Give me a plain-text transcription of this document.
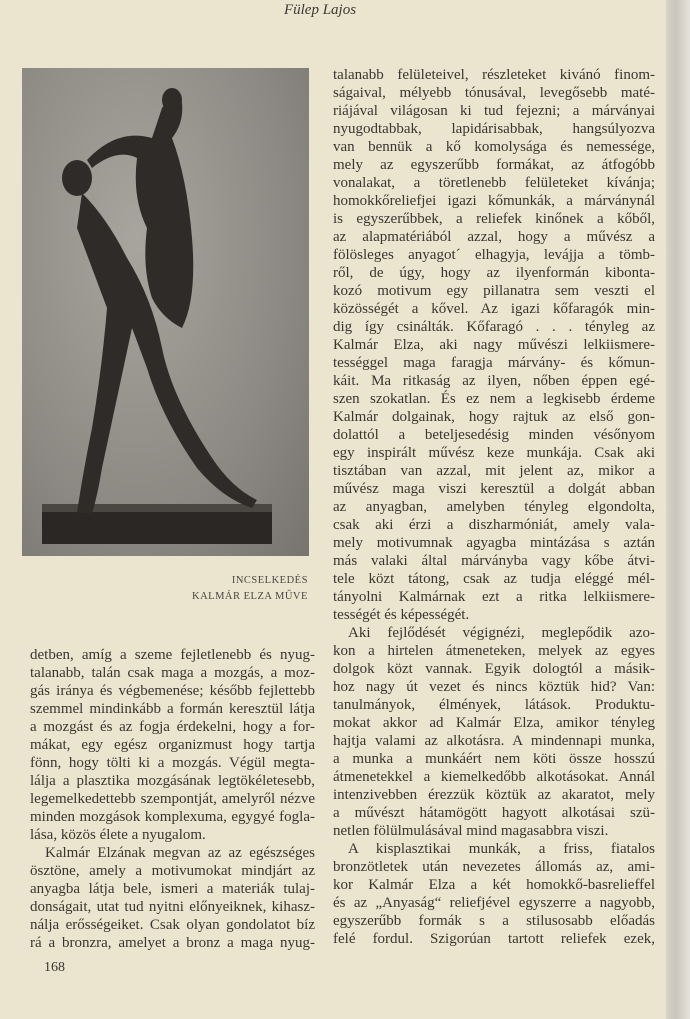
Fülep Lajos
INCSELKEDÉS
KALMÁR ELZA MŰVE
talanabb felületeivel, részleteket kivánó finom-
ságaival, mélyebb tónusával, levegősebb maté-
riájával világosan ki tud fejezni; a márványai
nyugodtabbak, lapidárisabbak, hangsúlyozva
van bennük a kő komolysága és nemessége,
mely az egyszerűbb formákat, az átfogóbb
vonalakat, a töretlenebb felületeket kívánja;
homokkőreliefjei igazi kőmunkák, a márványnál
is egyszerűbbek, a reliefek kinőnek a kőből,
az alapmatériából azzal, hogy a művész a
fölösleges anyagot´ elhagyja, levájja a tömb-
ről, de úgy, hogy az ilyenformán kibonta-
kozó motivum egy pillanatra sem veszti el
közösségét a kővel. Az igazi kőfaragók min-
dig így csinálták. Kőfaragó . . . tényleg az
Kalmár Elza, aki nagy művészi lelkiismere-
tességgel maga faragja márvány- és kőmun-
káit. Ma ritkaság az ilyen, nőben éppen egé-
szen szokatlan. És ez nem a legkisebb érdeme
Kalmár dolgainak, hogy rajtuk az első gon-
dolattól a beteljesedésig minden vésőnyom
egy inspirált művész keze munkája. Csak aki
tisztában van azzal, mit jelent az, mikor a
művész maga viszi keresztül a dolgát abban
az anyagban, amelyben tényleg elgondolta,
csak aki érzi a diszharmóniát, amely vala-
mely motivumnak agyagba mintázása s aztán
más valaki által márványba vagy kőbe átvi-
tele közt tátong, csak az tudja eléggé mél-
tányolni Kalmárnak ezt a ritka lelkiismere-
tességét és képességét.
Aki fejlődését végignézi, meglepődik azo-
kon a hirtelen átmeneteken, melyek az egyes
dolgok közt vannak. Egyik dologtól a másik-
hoz nagy út vezet és nincs köztük hid? Van:
tanulmányok, élmények, látások. Produktu-
mokat akkor ad Kalmár Elza, amikor tényleg
hajtja valami az alkotásra. A mindennapi munka,
a munka a munkáért nem köti össze hosszú
átmenetekkel a kiemelkedőbb alkotásokat. Annál
intenzivebben érezzük köztük az akaratot, mely
a művészt hátamögött hagyott alkotásai szü-
netlen fölülmulásával mind magasabbra viszi.
A kisplasztikai munkák, a friss, fiatalos
bronzötletek után nevezetes állomás az, ami-
kor Kalmár Elza a két homokkő-basrelieffel
és az „Anyaság“ reliefjével egyszerre a nagyobb,
egyszerűbb formák s a stilusosabb előadás
felé fordul. Szigorúan tartott reliefek ezek,
detben, amíg a szeme fejletlenebb és nyug-
talanabb, talán csak maga a mozgás, a moz-
gás iránya és végbemenése; később fejlettebb
szemmel mindinkább a formán keresztül látja
a mozgást és az fogja érdekelni, hogy a for-
mákat, egy egész organizmust hogy tartja
fönn, hogy tölti ki a mozgás. Végül megta-
lálja a plasztika mozgásának legtökéletesebb,
legemelkedettebb szempontját, amelyről nézve
minden mozgások komplexuma, egygyé fogla-
lása, közös élete a nyugalom.
Kalmár Elzának megvan az az egészséges
ösztöne, amely a motivumokat mindjárt az
anyagba látja bele, ismeri a materiák tulaj-
donságait, utat tud nyitni előnyeiknek, kihasz-
nálja erősségeiket. Csak olyan gondolatot bíz
rá a bronzra, amelyet a bronz a maga nyug-
168
